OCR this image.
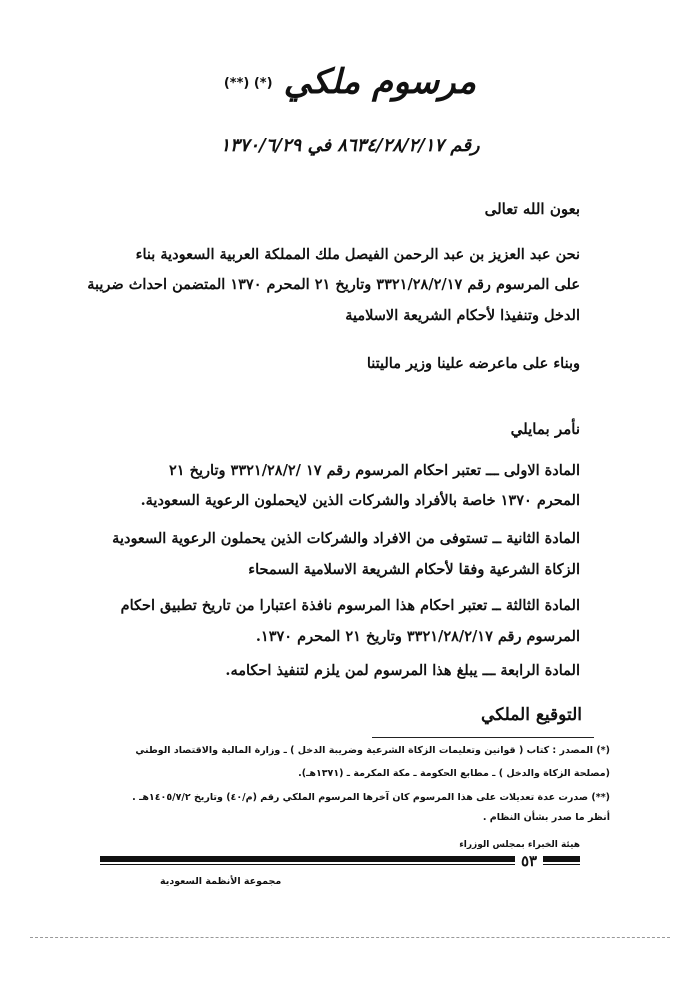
مرسوم ملكي (*) (**)
رقم ٨٦٣٤/٢٨/٢/١٧ في ١٣٧٠/٦/٢٩
بعون الله تعالى
نحن عبد العزيز بن عبد الرحمن الفيصل ملك المملكة العربية السعودية بناء
على المرسوم رقم ٣٣٢١/٢٨/٢/١٧ وتاريخ ٢١ المحرم ١٣٧٠ المتضمن احداث ضريبة
الدخل وتنفيذا لأحكام الشريعة الاسلامية
وبناء على ماعرضه علينا وزير ماليتنا
نأمر بمايلي
المادة الاولى ـــ تعتبر احكام المرسوم رقم ١٧ /٣٣٢١/٢٨/٢ وتاريخ ٢١
المحرم ١٣٧٠ خاصة بالأفراد والشركات الذين لايحملون الرعوية السعودية.
المادة الثانية ــ تستوفى من الافراد والشركات الذين يحملون الرعوية السعودية
الزكاة الشرعية وفقا لأحكام الشريعة الاسلامية السمحاء
المادة الثالثة ــ تعتبر احكام هذا المرسوم نافذة اعتبارا من تاريخ تطبيق احكام
المرسوم رقم ٣٣٢١/٢٨/٢/١٧ وتاريخ ٢١ المحرم ١٣٧٠.
المادة الرابعة ـــ يبلغ هذا المرسوم لمن يلزم لتنفيذ احكامه.
التوقيع الملكي
(*) المصدر : كتاب ( قوانين وتعليمات الزكاة الشرعية وضريبة الدخل ) ـ وزارة المالية والاقتصاد الوطني
(مصلحة الزكاة والدخل ) ـ مطابع الحكومة ـ مكة المكرمة ـ (١٣٧١هـ).
(**) صدرت عدة تعديلات على هذا المرسوم كان آخرها المرسوم الملكي رقم (م/٤٠) وتاريخ ١٤٠٥/٧/٢هـ .
أنظر ما صدر بشأن النظام .
هيئة الخبراء بمجلس الوزراء
٥٣
مجموعة الأنظمة السعودية
